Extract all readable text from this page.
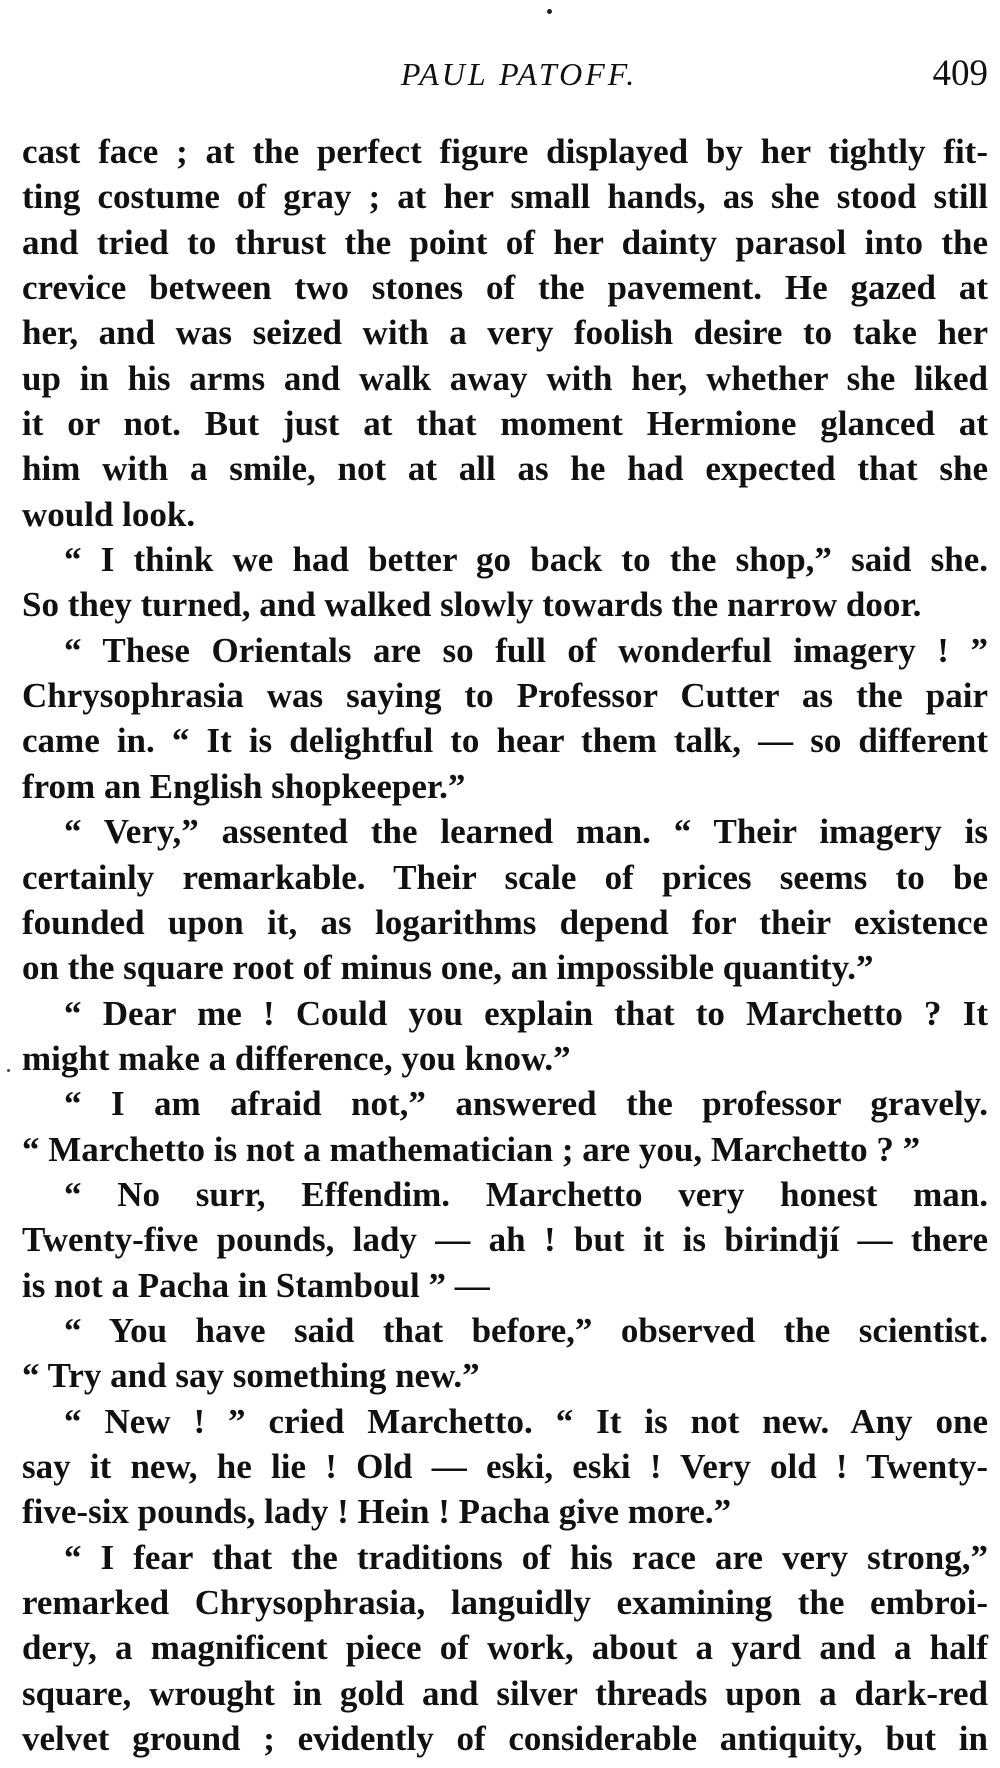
PAUL PATOFF.	409
cast face ; at the perfect figure displayed by her tightly fit-
ting costume of gray ; at her small hands, as she stood still
and tried to thrust the point of her dainty parasol into the
crevice between two stones of the pavement. He gazed at
her, and was seized with a very foolish desire to take her
up in his arms and walk away with her, whether she liked
it or not. But just at that moment Hermione glanced at
him with a smile, not at all as he had expected that she
would look.
“ I think we had better go back to the shop,” said she.
So they turned, and walked slowly towards the narrow door.
“ These Orientals are so full of wonderful imagery ! ”
Chrysophrasia was saying to Professor Cutter as the pair
came in. “ It is delightful to hear them talk, — so different
from an English shopkeeper.”
“ Very,” assented the learned man. “ Their imagery is
certainly remarkable. Their scale of prices seems to be
founded upon it, as logarithms depend for their existence
on the square root of minus one, an impossible quantity.”
“ Dear me ! Could you explain that to Marchetto ? It
might make a difference, you know.”
“ I am afraid not,” answered the professor gravely.
“ Marchetto is not a mathematician ; are you, Marchetto ? ”
“ No surr, Effendim. Marchetto very honest man.
Twenty-five pounds, lady — ah ! but it is birindjí — there
is not a Pacha in Stamboul ” —
“ You have said that before,” observed the scientist.
“ Try and say something new.”
“ New ! ” cried Marchetto. “ It is not new. Any one
say it new, he lie ! Old — eski, eski ! Very old ! Twenty-
five-six pounds, lady ! Hein ! Pacha give more.”
“ I fear that the traditions of his race are very strong,”
remarked Chrysophrasia, languidly examining the embroi-
dery, a magnificent piece of work, about a yard and a half
square, wrought in gold and silver threads upon a dark-red
velvet ground ; evidently of considerable antiquity, but in
